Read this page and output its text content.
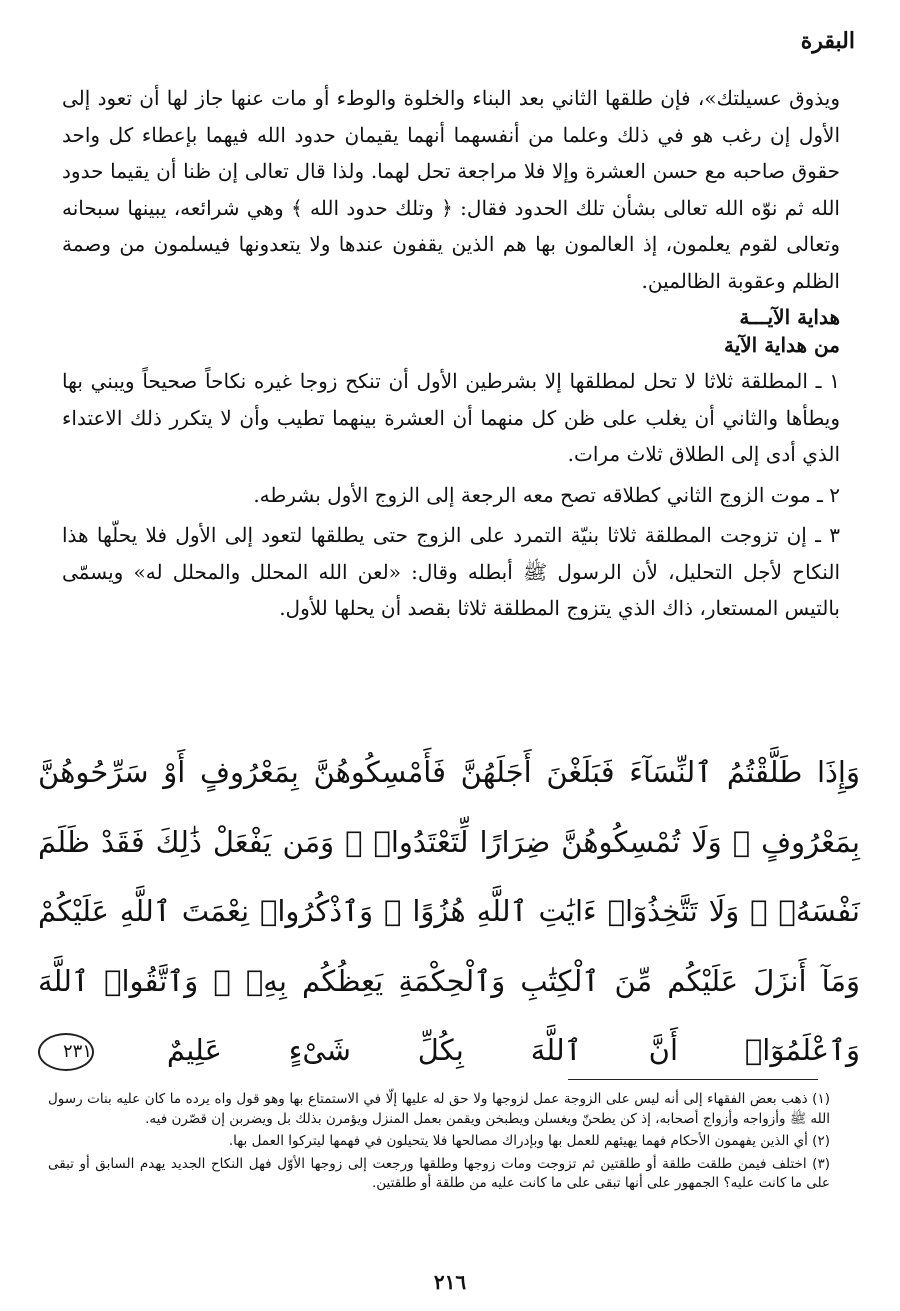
البقرة

ويذوق عسيلتك»، فإن طلقها الثاني بعد البناء والخلوة والوطء أو مات عنها جاز لها أن تعود إلى الأول إن رغب هو في ذلك وعلما من أنفسهما أنهما يقيمان حدود الله فيهما بإعطاء كل واحد حقوق صاحبه مع حسن العشرة وإلا فلا مراجعة تحل لهما. ولذا قال تعالى إن ظنا أن يقيما حدود الله ثم نوّه الله تعالى بشأن تلك الحدود فقال: ﴿ وتلك حدود الله ﴾ وهي شرائعه، يبينها سبحانه وتعالى لقوم يعلمون، إذ العالمون بها هم الذين يقفون عندها ولا يتعدونها فيسلمون من وصمة الظلم وعقوبة الظالمين.

هداية الآيـــة

من هداية الآية

١ ـ المطلقة ثلاثا لا تحل لمطلقها إلا بشرطين الأول أن تنكح زوجا غيره نكاحاً صحيحاً ويبني بها ويطأها والثاني أن يغلب على ظن كل منهما أن العشرة بينهما تطيب وأن لا يتكرر ذلك الاعتداء الذي أدى إلى الطلاق ثلاث مرات.

٢ ـ موت الزوج الثاني كطلاقه تصح معه الرجعة إلى الزوج الأول بشرطه.

٣ ـ إن تزوجت المطلقة ثلاثا بنيّة التمرد على الزوج حتى يطلقها لتعود إلى الأول فلا يحلّها هذا النكاح لأجل التحليل، لأن الرسول ﷺ أبطله وقال: «لعن الله المحلل والمحلل له» ويسمّى بالتيس المستعار، ذاك الذي يتزوج المطلقة ثلاثا بقصد أن يحلها للأول.

وَإِذَا طَلَّقْتُمُ ٱلنِّسَآءَ فَبَلَغْنَ أَجَلَهُنَّ فَأَمْسِكُوهُنَّ بِمَعْرُوفٍ أَوْ سَرِّحُوهُنَّ بِمَعْرُوفٍ ۚ وَلَا تُمْسِكُوهُنَّ ضِرَارًا لِّتَعْتَدُوا۟ ۚ وَمَن يَفْعَلْ ذَٰلِكَ فَقَدْ ظَلَمَ نَفْسَهُۥ ۚ وَلَا تَتَّخِذُوٓا۟ ءَايَٰتِ ٱللَّهِ هُزُوًا ۚ وَٱذْكُرُوا۟ نِعْمَتَ ٱللَّهِ عَلَيْكُمْ وَمَآ أَنزَلَ عَلَيْكُم مِّنَ ٱلْكِتَٰبِ وَٱلْحِكْمَةِ يَعِظُكُم بِهِۦ ۚ وَٱتَّقُوا۟ ٱللَّهَ وَٱعْلَمُوٓا۟ أَنَّ ٱللَّهَ بِكُلِّ شَىْءٍ عَلِيمٌ ٢٣١

(١) ذهب بعض الفقهاء إلى أنه ليس على الزوجة عمل لزوجها ولا حق له عليها إلّا في الاستمتاع بها وهو قول واه يرده ما كان عليه بنات رسول الله ﷺ وأزواجه وأزواج أصحابه، إذ كن يطحنّ ويغسلن ويطبخن ويقمن بعمل المنزل ويؤمرن بذلك بل ويضربن إن قصّرن فيه.

(٢) أي الذين يفهمون الأحكام فهما يهيئهم للعمل بها وبإدراك مصالحها فلا يتحيلون في فهمها ليتركوا العمل بها.

(٣) اختلف فيمن طلقت طلقة أو طلقتين ثم تزوجت ومات زوجها وطلقها ورجعت إلى زوجها الأوّل فهل النكاح الجديد يهدم السابق أو تبقى على ما كانت عليه؟ الجمهور على أنها تبقى على ما كانت عليه من طلقة أو طلقتين.

٢١٦
